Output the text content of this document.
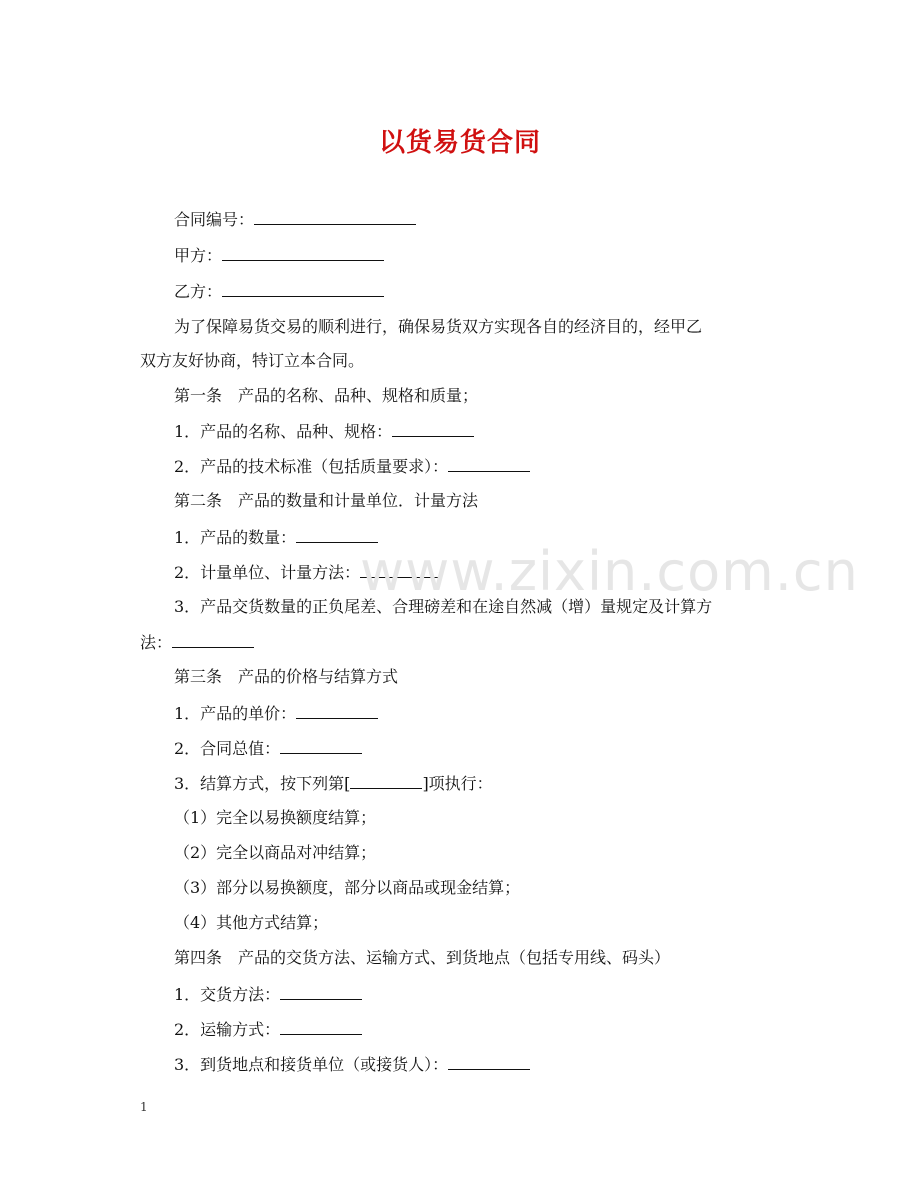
以货易货合同
合同编号：
甲方：
乙方：
为了保障易货交易的顺利进行，确保易货双方实现各自的经济目的，经甲乙
双方友好协商，特订立本合同。
第一条　产品的名称、品种、规格和质量；
1．产品的名称、品种、规格：
2．产品的技术标准（包括质量要求）：
第二条　产品的数量和计量单位．计量方法
1．产品的数量：
2．计量单位、计量方法：
3．产品交货数量的正负尾差、合理磅差和在途自然减（增）量规定及计算方
法：
第三条　产品的价格与结算方式
1．产品的单价：
2．合同总值：
3．结算方式，按下列第[	]项执行：
（1）完全以易换额度结算；
（2）完全以商品对冲结算；
（3）部分以易换额度，部分以商品或现金结算；
（4）其他方式结算；
第四条　产品的交货方法、运输方式、到货地点（包括专用线、码头）
1．交货方法：
2．运输方式：
3．到货地点和接货单位（或接货人）：
www.zixin.com.cn
1
